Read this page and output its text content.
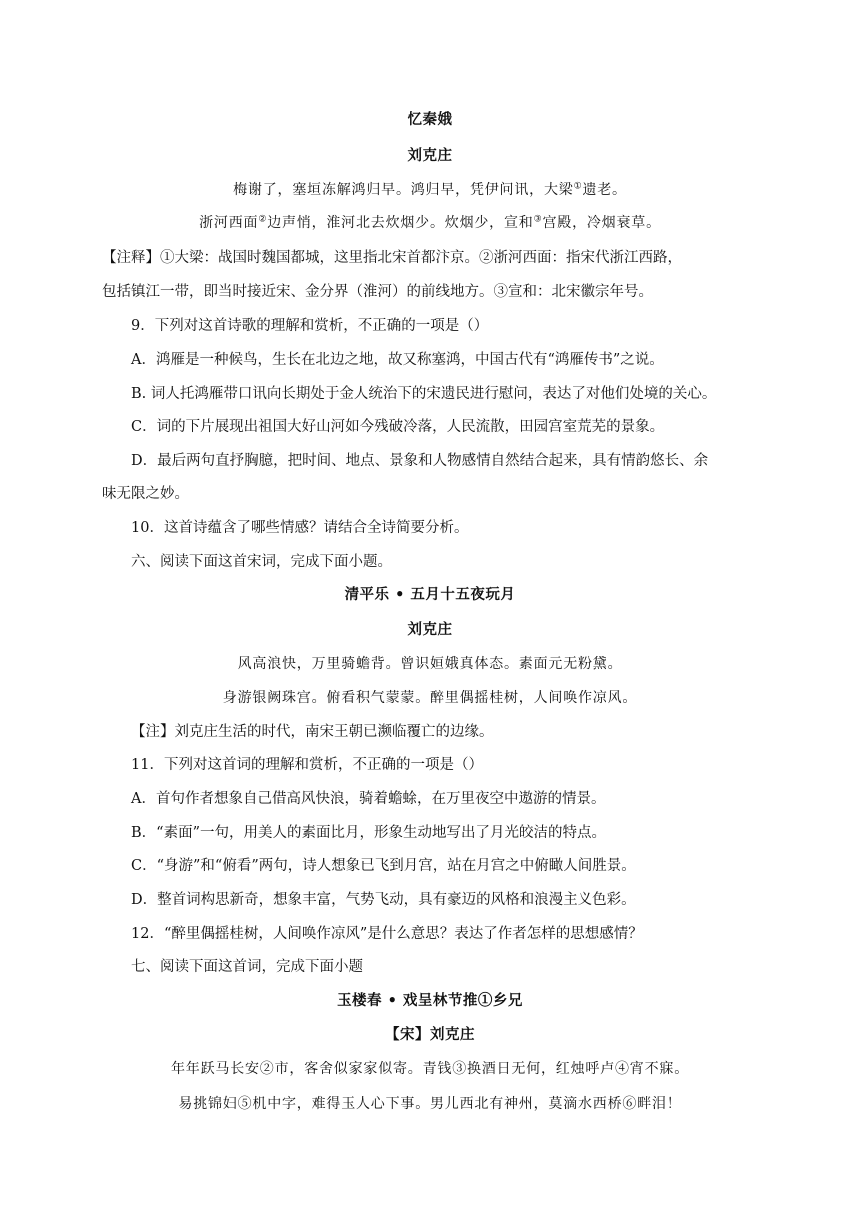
忆秦娥
刘克庄
梅谢了，塞垣冻解鸿归早。鸿归早，凭伊问讯，大梁①遗老。
浙河西面②边声悄，淮河北去炊烟少。炊烟少，宣和③宫殿，冷烟衰草。
【注释】①大梁：战国时魏国都城，这里指北宋首都汴京。②浙河西面：指宋代浙江西路，
包括镇江一带，即当时接近宋、金分界（淮河）的前线地方。③宣和：北宋徽宗年号。
9．下列对这首诗歌的理解和赏析，不正确的一项是（）
A．鸿雁是一种候鸟，生长在北边之地，故又称塞鸿，中国古代有“鸿雁传书”之说。
B. 词人托鸿雁带口讯向长期处于金人统治下的宋遗民进行慰问，表达了对他们处境的关心。
C．词的下片展现出祖国大好山河如今残破冷落，人民流散，田园宫室荒芜的景象。
D．最后两句直抒胸臆，把时间、地点、景象和人物感情自然结合起来，具有情韵悠长、余
味无限之妙。
10．这首诗蕴含了哪些情感？请结合全诗简要分析。
六、阅读下面这首宋词，完成下面小题。
清平乐 • 五月十五夜玩月
刘克庄
风高浪快，万里骑蟾背。曾识姮娥真体态。素面元无粉黛。
身游银阙珠宫。俯看积气蒙蒙。醉里偶摇桂树，人间唤作凉风。
【注】刘克庄生活的时代，南宋王朝已濒临覆亡的边缘。
11．下列对这首词的理解和赏析，不正确的一项是（）
A．首句作者想象自己借高风快浪，骑着蟾蜍，在万里夜空中遨游的情景。
B．“素面”一句，用美人的素面比月，形象生动地写出了月光皎洁的特点。
C．“身游”和“俯看”两句，诗人想象已飞到月宫，站在月宫之中俯瞰人间胜景。
D．整首词构思新奇，想象丰富，气势飞动，具有豪迈的风格和浪漫主义色彩。
12．“醉里偶摇桂树，人间唤作凉风”是什么意思？表达了作者怎样的思想感情？
七、阅读下面这首词，完成下面小题
玉楼春 • 戏呈林节推①乡兄
【宋】刘克庄
年年跃马长安②市，客舍似家家似寄。青钱③换酒日无何，红烛呼卢④宵不寐。
易挑锦妇⑤机中字，难得玉人心下事。男儿西北有神州，莫滴水西桥⑥畔泪！
